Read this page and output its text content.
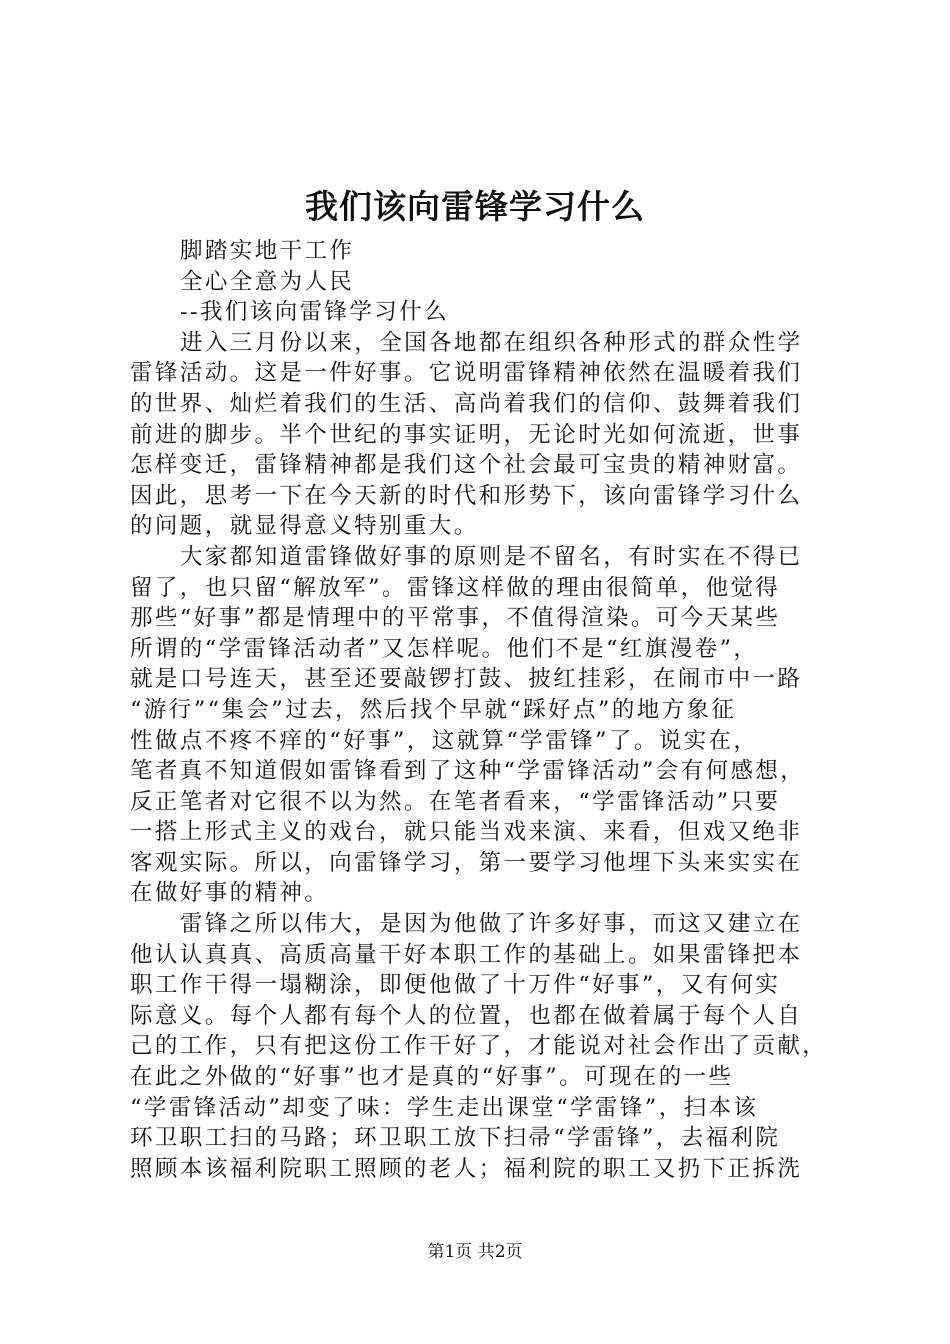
我们该向雷锋学习什么
脚踏实地干工作
全心全意为人民
--我们该向雷锋学习什么
进入三月份以来，全国各地都在组织各种形式的群众性学
雷锋活动。这是一件好事。它说明雷锋精神依然在温暖着我们
的世界、灿烂着我们的生活、高尚着我们的信仰、鼓舞着我们
前进的脚步。半个世纪的事实证明，无论时光如何流逝，世事
怎样变迁，雷锋精神都是我们这个社会最可宝贵的精神财富。
因此，思考一下在今天新的时代和形势下，该向雷锋学习什么
的问题，就显得意义特别重大。
大家都知道雷锋做好事的原则是不留名，有时实在不得已
留了，也只留“解放军”。雷锋这样做的理由很简单，他觉得
那些“好事”都是情理中的平常事，不值得渲染。可今天某些
所谓的“学雷锋活动者”又怎样呢。他们不是“红旗漫卷”，
就是口号连天，甚至还要敲锣打鼓、披红挂彩，在闹市中一路
“游行”“集会”过去，然后找个早就“踩好点”的地方象征
性做点不疼不痒的“好事”，这就算“学雷锋”了。说实在，
笔者真不知道假如雷锋看到了这种“学雷锋活动”会有何感想，
反正笔者对它很不以为然。在笔者看来，“学雷锋活动”只要
一搭上形式主义的戏台，就只能当戏来演、来看，但戏又绝非
客观实际。所以，向雷锋学习，第一要学习他埋下头来实实在
在做好事的精神。
雷锋之所以伟大，是因为他做了许多好事，而这又建立在
他认认真真、高质高量干好本职工作的基础上。如果雷锋把本
职工作干得一塌糊涂，即便他做了十万件“好事”，又有何实
际意义。每个人都有每个人的位置，也都在做着属于每个人自
己的工作，只有把这份工作干好了，才能说对社会作出了贡献，
在此之外做的“好事”也才是真的“好事”。可现在的一些
“学雷锋活动”却变了味：学生走出课堂“学雷锋”，扫本该
环卫职工扫的马路；环卫职工放下扫帚“学雷锋”，去福利院
照顾本该福利院职工照顾的老人；福利院的职工又扔下正拆洗
第1页 共2页
